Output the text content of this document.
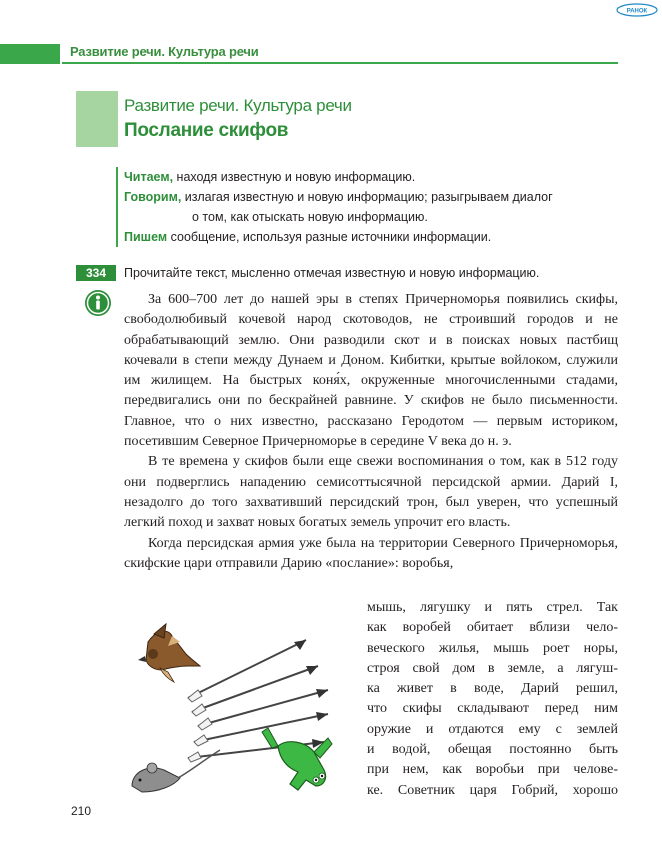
РАНОК
Развитие речи. Культура речи
Развитие речи. Культура речи
Послание скифов
Читаем, находя известную и новую информацию.
Говорим, излагая известную и новую информацию; разыгрываем диалог
о том, как отыскать новую информацию.
Пишем сообщение, используя разные источники информации.
334	Прочитайте текст, мысленно отмечая известную и новую информацию.

За 600–700 лет до нашей эры в степях Причерноморья появились скифы, свободолюбивый кочевой народ скотоводов, не строивший городов и не обрабатывающий землю. Они разводили скот и в поисках новых пастбищ кочевали в степи между Дунаем и Доном. Кибитки, крытые войлоком, служили им жилищем. На быстрых коня́х, окруженные многочисленными стадами, передвигались они по бескрайней равнине. У скифов не было письменности. Главное, что о них известно, рассказано Геродотом — первым историком, посетившим Северное Причерноморье в середине V века до н. э.

В те времена у скифов были еще свежи воспоминания о том, как в 512 году они подверглись нападению семисоттысячной персидской армии. Дарий I, незадолго до того захвативший персидский трон, был уверен, что успешный легкий поход и захват новых богатых земель упрочит его власть.

Когда персидская армия уже была на территории Северного Причерноморья, скифские цари отправили Дарию «послание»: воробья,

мышь, лягушку и пять стрел. Так
как воробей обитает вблизи чело-
веческого жилья, мышь роет норы,
строя свой дом в земле, а лягуш-
ка живет в воде, Дарий решил,
что скифы складывают перед ним
оружие и отдаются ему с землей
и водой, обещая постоянно быть
при нем, как воробьи при челове-
ке. Советник царя Гобрий, хорошо
210
